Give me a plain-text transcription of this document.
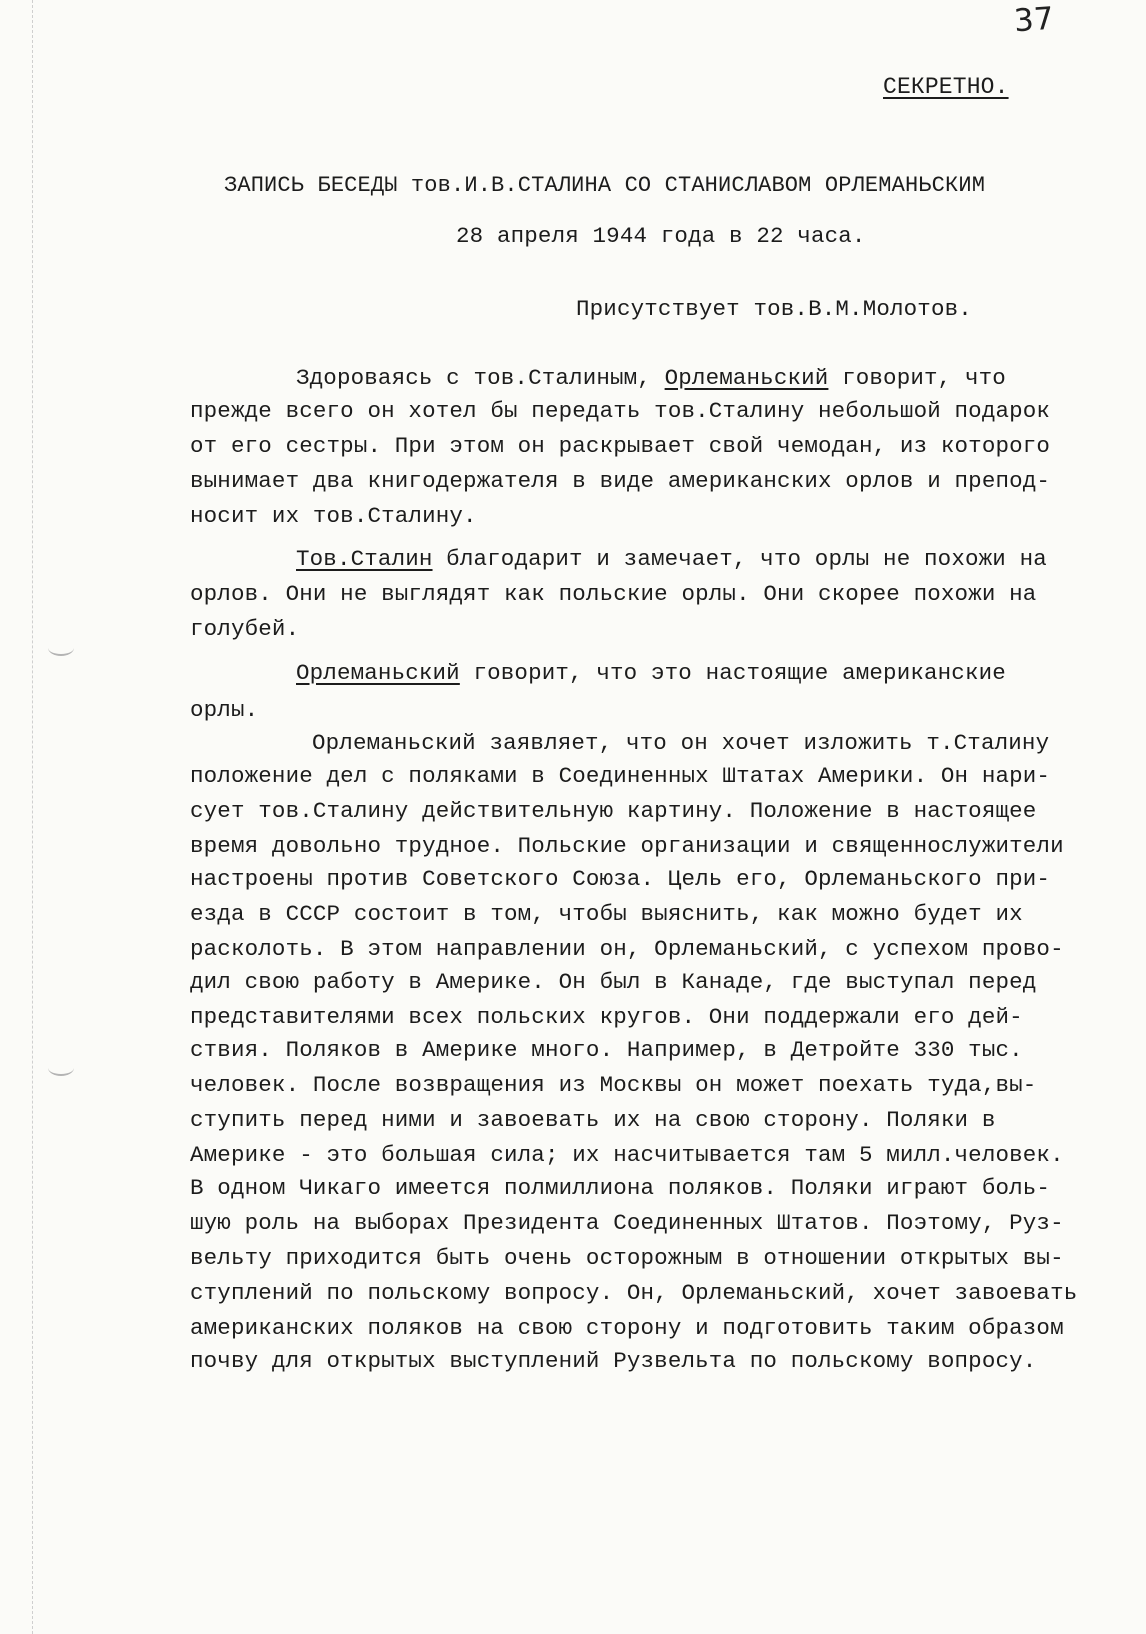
37
СЕКРЕТНО.
ЗАПИСЬ БЕСЕДЫ тов.И.В.СТАЛИНА СО СТАНИСЛАВОМ ОРЛЕМАНЬСКИМ
28 апреля 1944 года в 22 часа.
Присутствует тов.В.М.Молотов.
Здороваясь с тов.Сталиным, Орлеманьский говорит, что
прежде всего он хотел бы передать тов.Сталину небольшой подарок
от его сестры. При этом он раскрывает свой чемодан, из которого
вынимает два книгодержателя в виде американских орлов и препод-
носит их тов.Сталину.
Тов.Сталин благодарит и замечает, что орлы не похожи на
орлов. Они не выглядят как польские орлы. Они скорее похожи на
голубей.
Орлеманьский говорит, что это настоящие американские
орлы.
Орлеманьский заявляет, что он хочет изложить т.Сталину
положение дел с поляками в Соединенных Штатах Америки. Он нари-
сует тов.Сталину действительную картину. Положение в настоящее
время довольно трудное. Польские организации и священнослужители
настроены против Советского Союза. Цель его, Орлеманьского при-
езда в СССР состоит в том, чтобы выяснить, как можно будет их
расколоть. В этом направлении он, Орлеманьский, с успехом прово-
дил свою работу в Америке. Он был в Канаде, где выступал перед
представителями всех польских кругов. Они поддержали его дей-
ствия. Поляков в Америке много. Например, в Детройте 330 тыс.
человек. После возвращения из Москвы он может поехать туда,вы-
ступить перед ними и завоевать их на свою сторону. Поляки в
Америке - это большая сила; их насчитывается там 5 милл.человек.
В одном Чикаго имеется полмиллиона поляков. Поляки играют боль-
шую роль на выборах Президента Соединенных Штатов. Поэтому, Руз-
вельту приходится быть очень осторожным в отношении открытых вы-
ступлений по польскому вопросу. Он, Орлеманьский, хочет завоевать
американских поляков на свою сторону и подготовить таким образом
почву для открытых выступлений Рузвельта по польскому вопросу.
